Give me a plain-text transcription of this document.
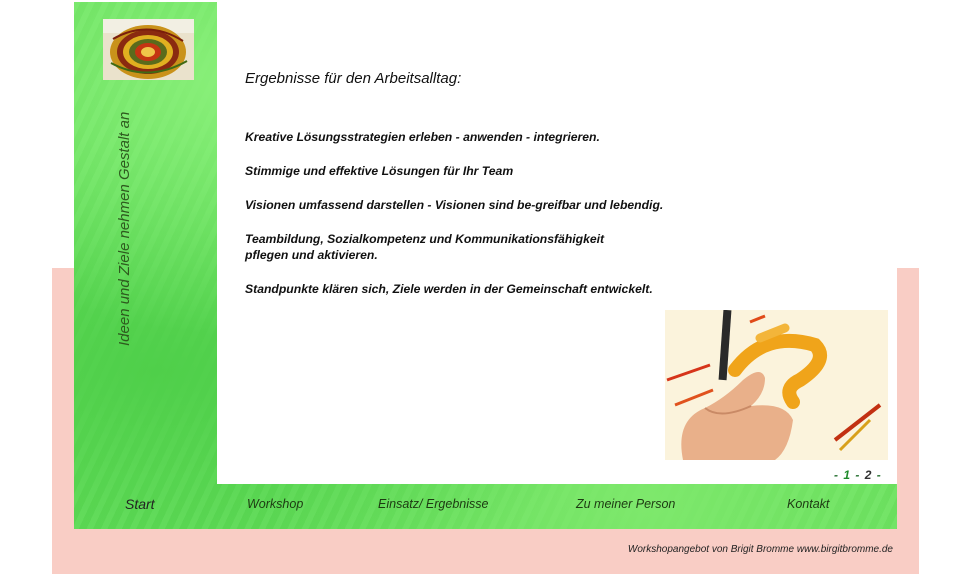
Ideen und Ziele nehmen Gestalt an
Ergebnisse für den Arbeitsalltag:
Kreative Lösungsstrategien erleben - anwenden - integrieren.
Stimmige und effektive Lösungen für Ihr Team
Visionen umfassend darstellen - Visionen sind be-greifbar und lebendig.
Teambildung, Sozialkompetenz und Kommunikationsfähigkeit
pflegen und aktivieren.
Standpunkte klären sich, Ziele werden in der Gemeinschaft entwickelt.
- 1 - 2 -
Start	Workshop	Einsatz/ Ergebnisse	Zu meiner Person	Kontakt
Workshopangebot von Brigit Bromme www.birgitbromme.de
